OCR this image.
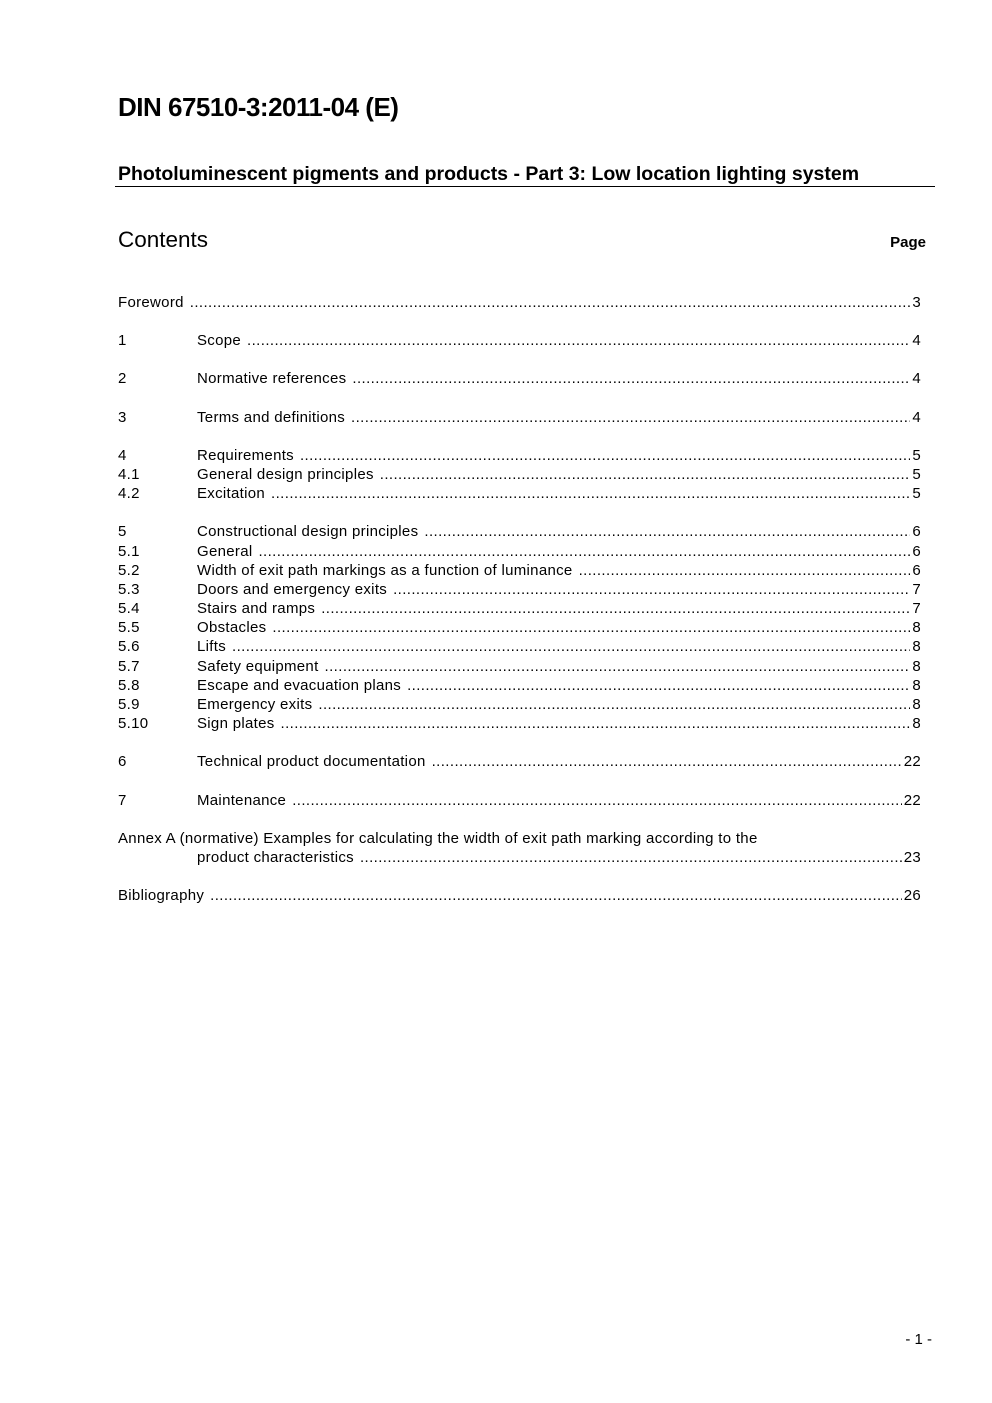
DIN 67510-3:2011-04 (E)
Photoluminescent pigments and products - Part 3: Low location lighting system
Contents	Page
Foreword .....	3
1	Scope .....	4
2	Normative references .....	4
3	Terms and definitions .....	4
4	Requirements .....	5
4.1	General design principles .....	5
4.2	Excitation .....	5
5	Constructional design principles .....	6
5.1	General .....	6
5.2	Width of exit path markings as a function of luminance .....	6
5.3	Doors and emergency exits .....	7
5.4	Stairs and ramps .....	7
5.5	Obstacles .....	8
5.6	Lifts .....	8
5.7	Safety equipment .....	8
5.8	Escape and evacuation plans .....	8
5.9	Emergency exits .....	8
5.10	Sign plates .....	8
6	Technical product documentation .....	22
7	Maintenance .....	22
Annex A (normative) Examples for calculating the width of exit path marking according to the
product characteristics .....	23
Bibliography .....	26
- 1 -
